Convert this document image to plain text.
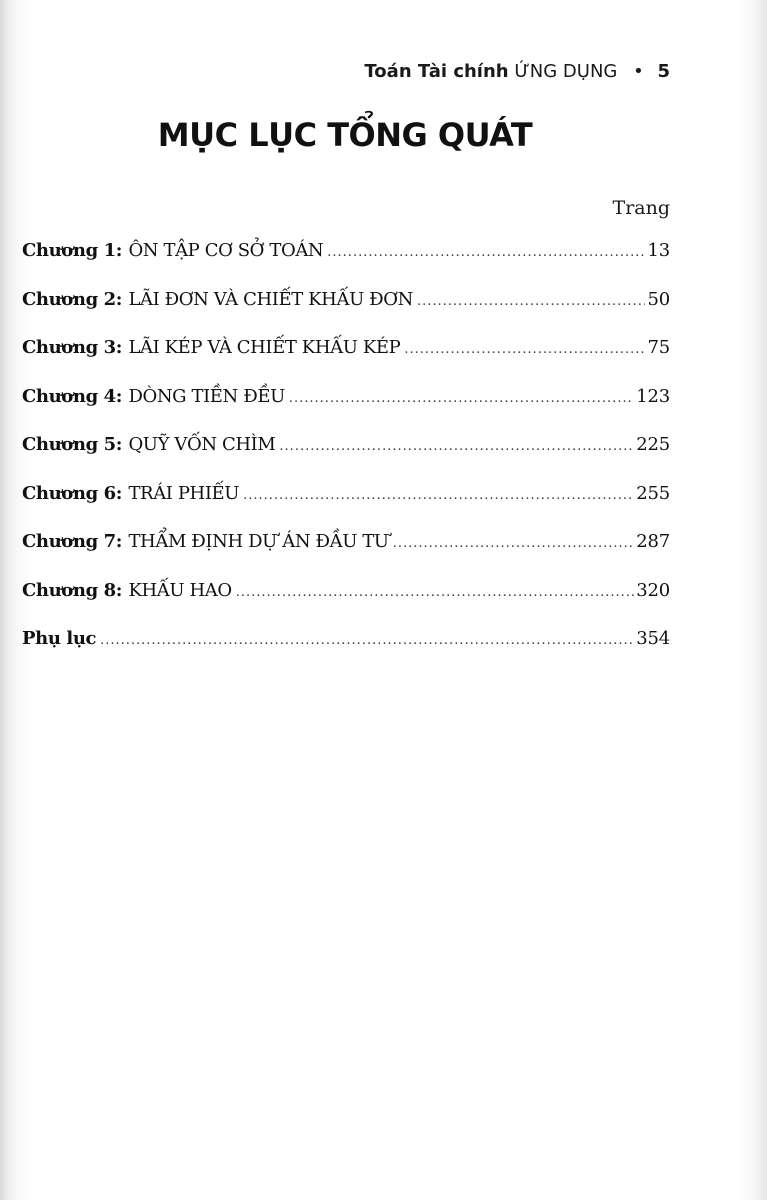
Toán Tài chính ỨNG DỤNG • 5
MỤC LỤC TỔNG QUÁT
Trang
Chương 1 : ÔN TẬP CƠ SỞ TOÁN .....	13
Chương 2 : LÃI ĐƠN VÀ CHIẾT KHẤU ĐƠN .....	50
Chương 3 : LÃI KÉP VÀ CHIẾT KHẤU KÉP .....	75
Chương 4 : DÒNG TIỀN ĐỀU .....	123
Chương 5 : QUỸ VỐN CHÌM .....	225
Chương 6 : TRÁI PHIẾU .....	255
Chương 7 : THẨM ĐỊNH DỰ ÁN ĐẦU TƯ .....	287
Chương 8 : KHẤU HAO .....	320
Phụ lục .....	354
